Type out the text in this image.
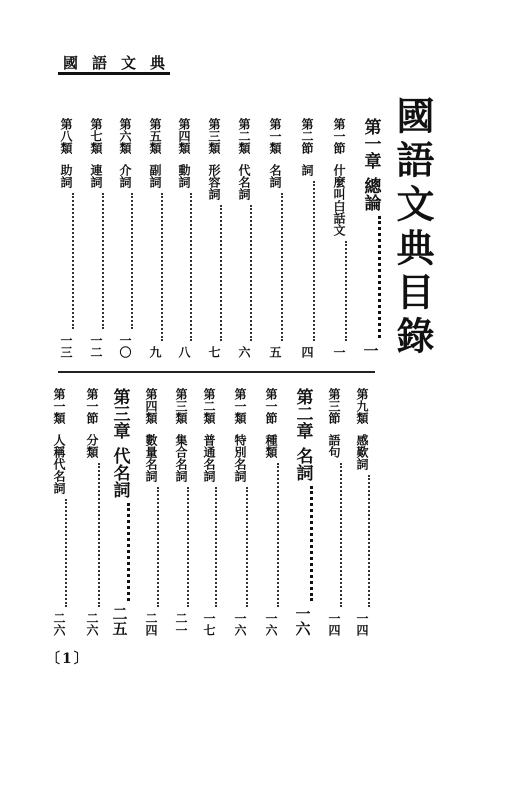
國語文典
國語文典目錄
第一章
總論
一
第一節
什麼叫白話文
一
第二節
詞
四
第一類
名詞
五
第二類
代名詞
六
第三類
形容詞
七
第四類
動詞
八
第五類
副詞
九
第六類
介詞
一〇
第七類
連詞
一二
第八類
助詞
一三
第九類
感歎詞
一四
第三節
語句
一四
第二章
名詞
一六
第一節
種類
一六
第一類
特別名詞
一六
第二類
普通名詞
一七
第三類
集合名詞
二一
第四類
數量名詞
二四
第三章
代名詞
二五
第一節
分類
二六
第一類
人稱代名詞
二六
〔1〕
